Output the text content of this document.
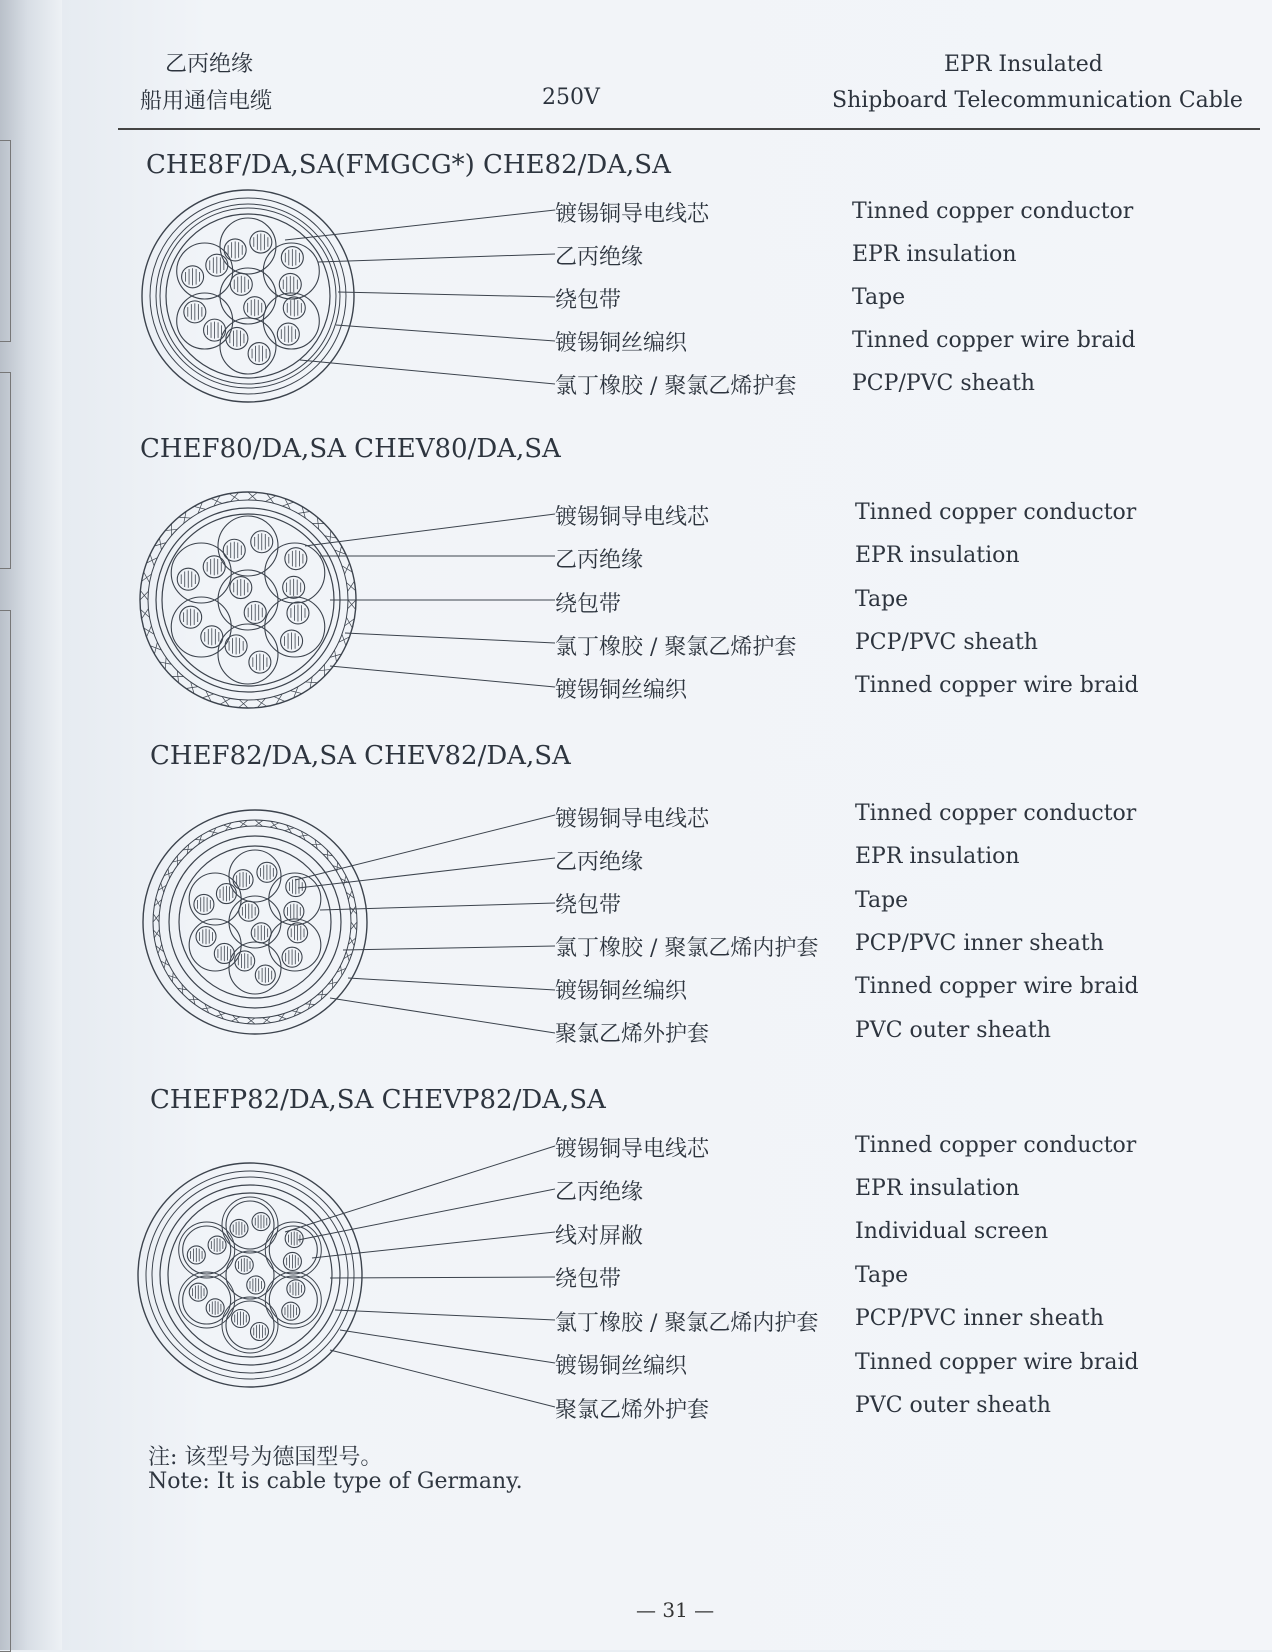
乙丙绝缘
船用通信电缆	250V
EPR Insulated
Shipboard Telecommunication Cable
CHE8F/DA,SA(FMGCG*) CHE82/DA,SA
CHEF80/DA,SA CHEV80/DA,SA
CHEF82/DA,SA CHEV82/DA,SA
CHEFP82/DA,SA CHEVP82/DA,SA
镀锡铜导电线芯
乙丙绝缘
绕包带
镀锡铜丝编织
氯丁橡胶 / 聚氯乙烯护套
Tinned copper conductor
EPR insulation
Tape
Tinned copper wire braid
PCP/PVC sheath
镀锡铜导电线芯
乙丙绝缘
绕包带
氯丁橡胶 / 聚氯乙烯护套
镀锡铜丝编织
Tinned copper conductor
EPR insulation
Tape
PCP/PVC sheath
Tinned copper wire braid
镀锡铜导电线芯
乙丙绝缘
绕包带
氯丁橡胶 / 聚氯乙烯内护套
镀锡铜丝编织
聚氯乙烯外护套
Tinned copper conductor
EPR insulation
Tape
PCP/PVC inner sheath
Tinned copper wire braid
PVC outer sheath
镀锡铜导电线芯
乙丙绝缘
线对屏敝
绕包带
氯丁橡胶 / 聚氯乙烯内护套
镀锡铜丝编织
聚氯乙烯外护套
Tinned copper conductor
EPR insulation
Individual screen
Tape
PCP/PVC inner sheath
Tinned copper wire braid
PVC outer sheath
注: 该型号为德国型号。
Note: It is cable type of Germany.
— 31 —
